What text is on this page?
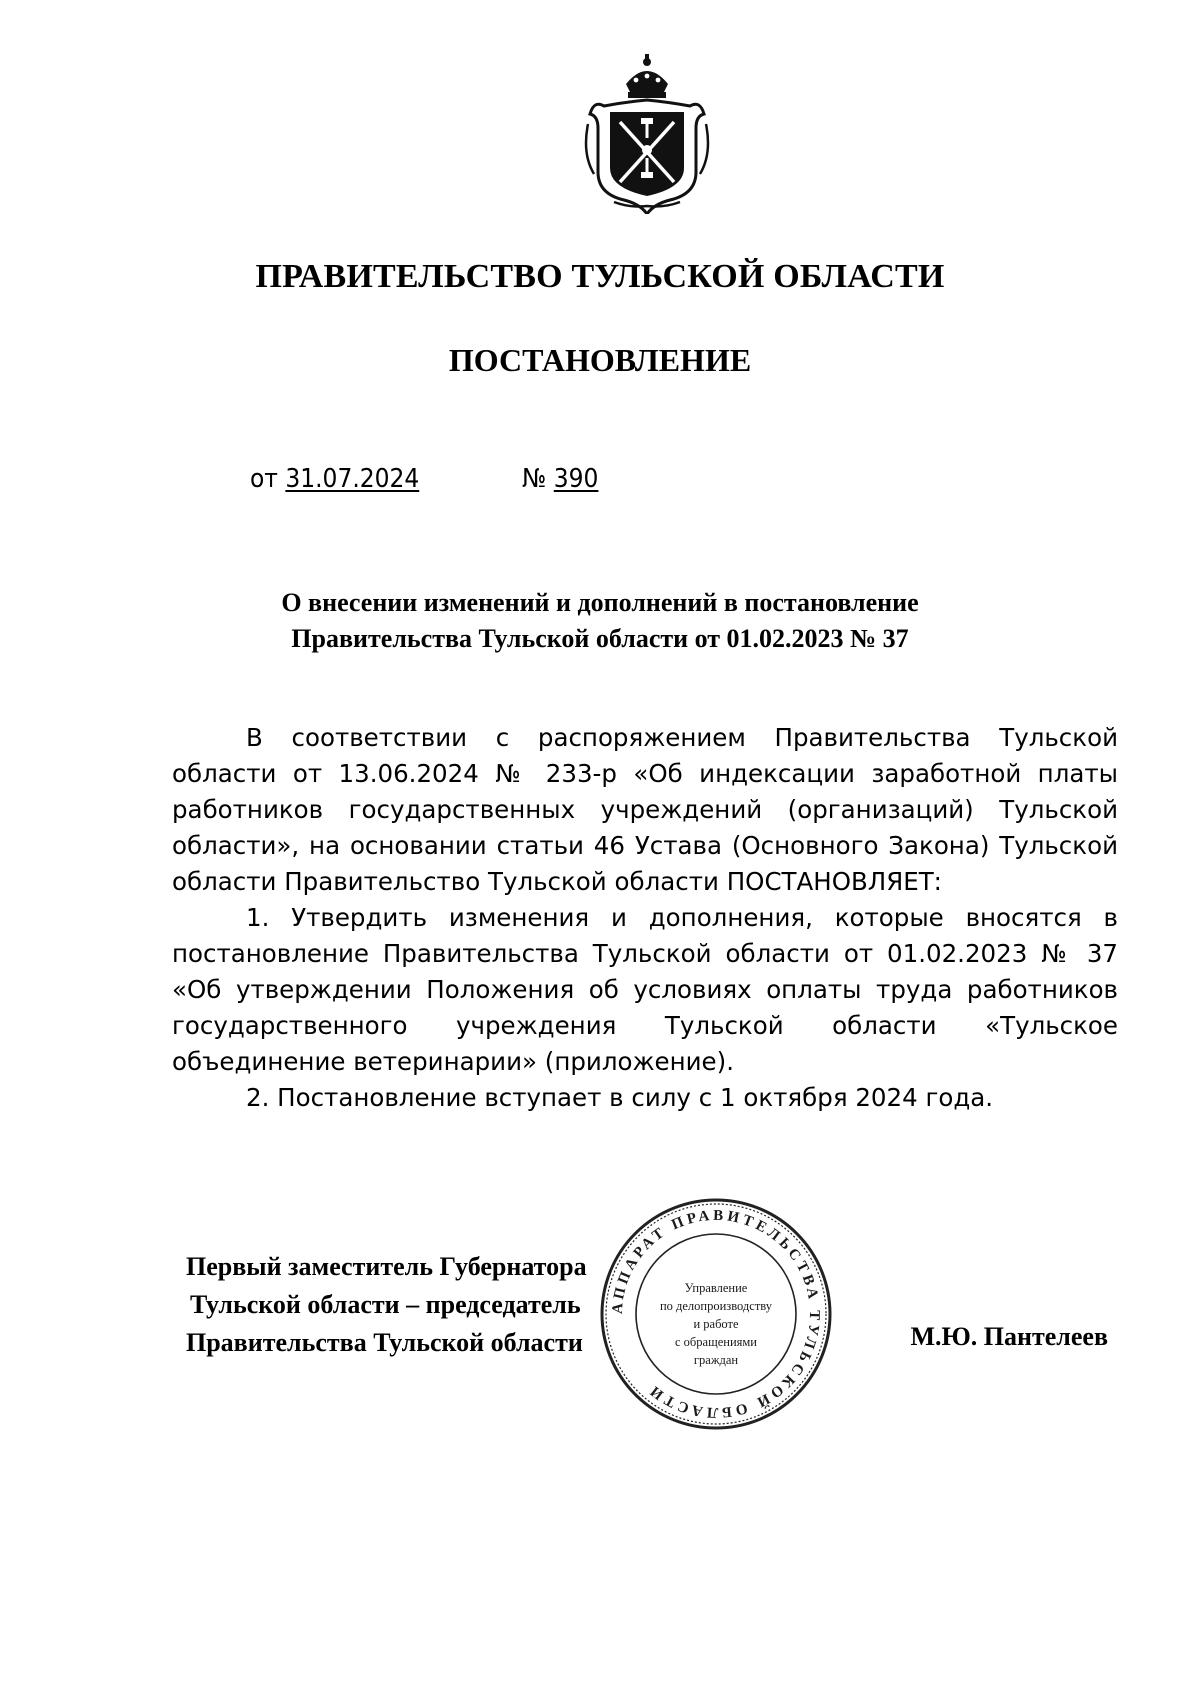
ПРАВИТЕЛЬСТВО ТУЛЬСКОЙ ОБЛАСТИ
ПОСТАНОВЛЕНИЕ
от 31.07.2024	№ 390
О внесении изменений и дополнений в постановление
Правительства Тульской области от 01.02.2023 № 37

В соответствии с распоряжением Правительства Тульской области от 13.06.2024 № 233-р «Об индексации заработной платы работников государственных учреждений (организаций) Тульской области», на основании статьи 46 Устава (Основного Закона) Тульской области Правительство Тульской области ПОСТАНОВЛЯЕТ:

1. Утвердить изменения и дополнения, которые вносятся в постановление Правительства Тульской области от 01.02.2023 № 37 «Об утверждении Положения об условиях оплаты труда работников государственного учреждения Тульской области «Тульское объединение ветеринарии» (приложение).

2. Постановление вступает в силу с 1 октября 2024 года.

Первый заместитель Губернатора
Тульской области – председатель
Правительства Тульской области	М.Ю. Пантелеев
АППАРАТ ПРАВИТЕЛЬСТВА ТУЛЬСКОЙ ОБЛАСТИ
Управление
по делопроизводству
и работе
с обращениями
граждан
